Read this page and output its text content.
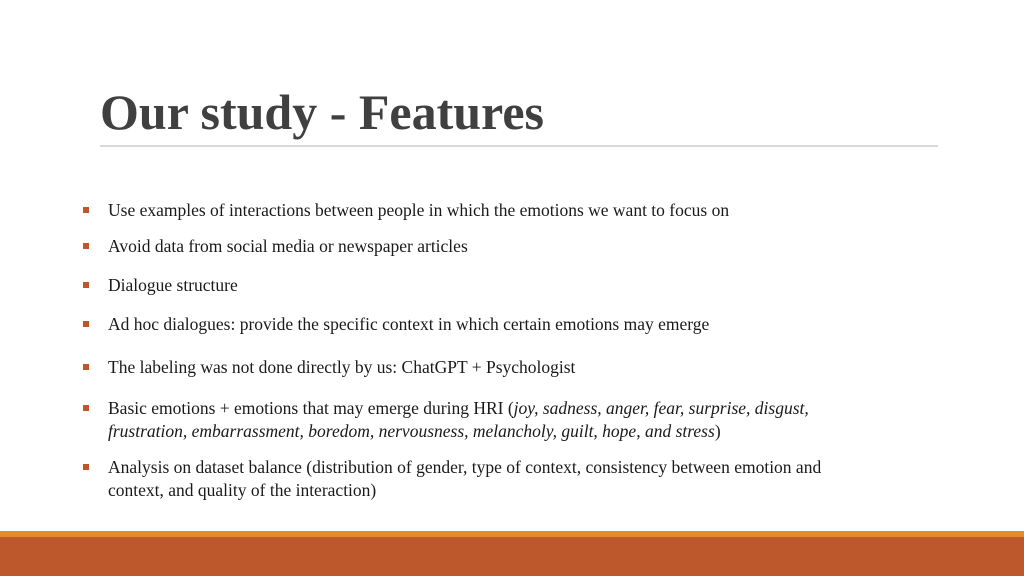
Our study - Features
Use examples of interactions between people in which the emotions we want to focus on
Avoid data from social media or newspaper articles
Dialogue structure
Ad hoc dialogues: provide the specific context in which certain emotions may emerge
The labeling was not done directly by us: ChatGPT + Psychologist
Basic emotions + emotions that may emerge during HRI (joy, sadness, anger, fear, surprise, disgust, frustration, embarrassment, boredom, nervousness, melancholy, guilt, hope, and stress)
Analysis on dataset balance (distribution of gender, type of context, consistency between emotion and context, and quality of the interaction)
